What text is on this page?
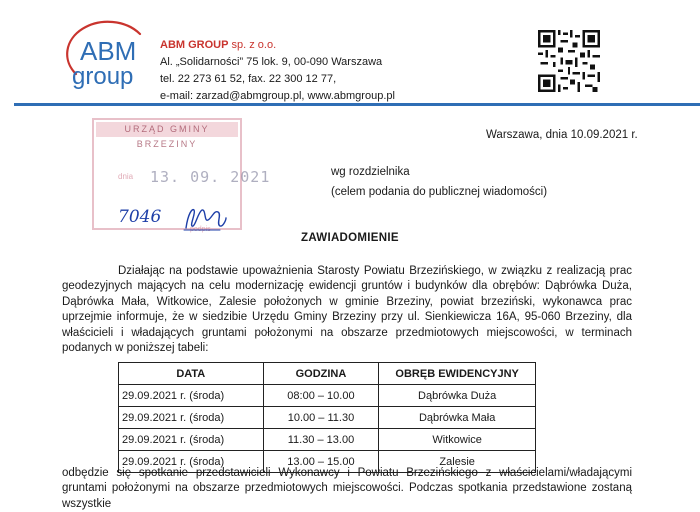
ABM
group
ABM GROUP sp. z o.o.
Al. „Solidarności” 75 lok. 9, 00-090 Warszawa
tel. 22 273 61 52, fax. 22 300 12 77,
e-mail: zarzad@abmgroup.pl, www.abmgroup.pl
URZĄD GMINY BRZEZINY
dnia 13. 09. 2021
podpis
7046
Warszawa, dnia 10.09.2021 r.
wg rozdzielnika
(celem podania do publicznej wiadomości)
ZAWIADOMIENIE
Działając na podstawie upoważnienia Starosty Powiatu Brzezińskiego, w związku z realizacją prac geodezyjnych mających na celu modernizację ewidencji gruntów i budynków dla obrębów: Dąbrówka Duża, Dąbrówka Mała, Witkowice, Zalesie położonych w gminie Brzeziny, powiat brzeziński, wykonawca prac uprzejmie informuje, że w siedzibie Urzędu Gminy Brzeziny przy ul. Sienkiewicza 16A, 95-060 Brzeziny, dla właścicieli i władających gruntami położonymi na obszarze przedmiotowych miejscowości, w terminach podanych w poniższej tabeli:
DATA	GODZINA	OBRĘB EWIDENCYJNY
29.09.2021 r. (środa)	08:00 – 10.00	Dąbrówka Duża
29.09.2021 r. (środa)	10.00 – 11.30	Dąbrówka Mała
29.09.2021 r. (środa)	11.30 – 13.00	Witkowice
29.09.2021 r. (środa)	13.00 – 15.00	Zalesie
odbędzie się spotkanie przedstawicieli Wykonawcy i Powiatu Brzezińskiego z właścicielami/władającymi gruntami położonymi na obszarze przedmiotowych miejscowości. Podczas spotkania przedstawione zostaną wszystkie
